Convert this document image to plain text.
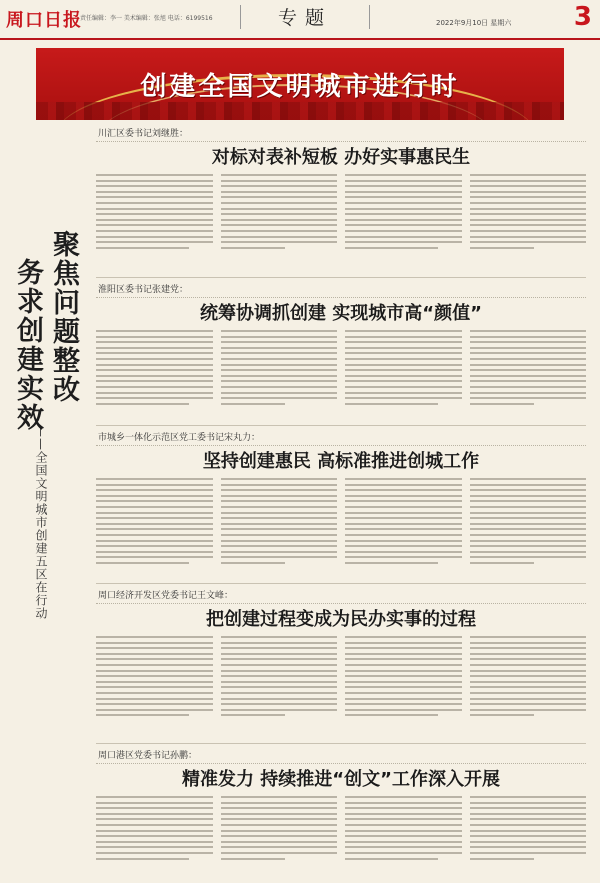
周口日报
责任编辑：李一 美术编辑：张旭 电话：6199516	专题	2022年9月10日 星期六 3
创建全国文明城市进行时
聚焦问题整改
——全国文明城市创建五区在行动
务求创建实效
川汇区委书记刘继胜：
对标对表补短板 办好实事惠民生
淮阳区委书记张建党：
统筹协调抓创建 实现城市高“颜值”
市城乡一体化示范区党工委书记宋丸力：
坚持创建惠民 高标准推进创城工作
周口经济开发区党委书记王文峰：
把创建过程变成为民办实事的过程
周口港区党委书记孙鹏：
精准发力 持续推进“创文”工作深入开展
